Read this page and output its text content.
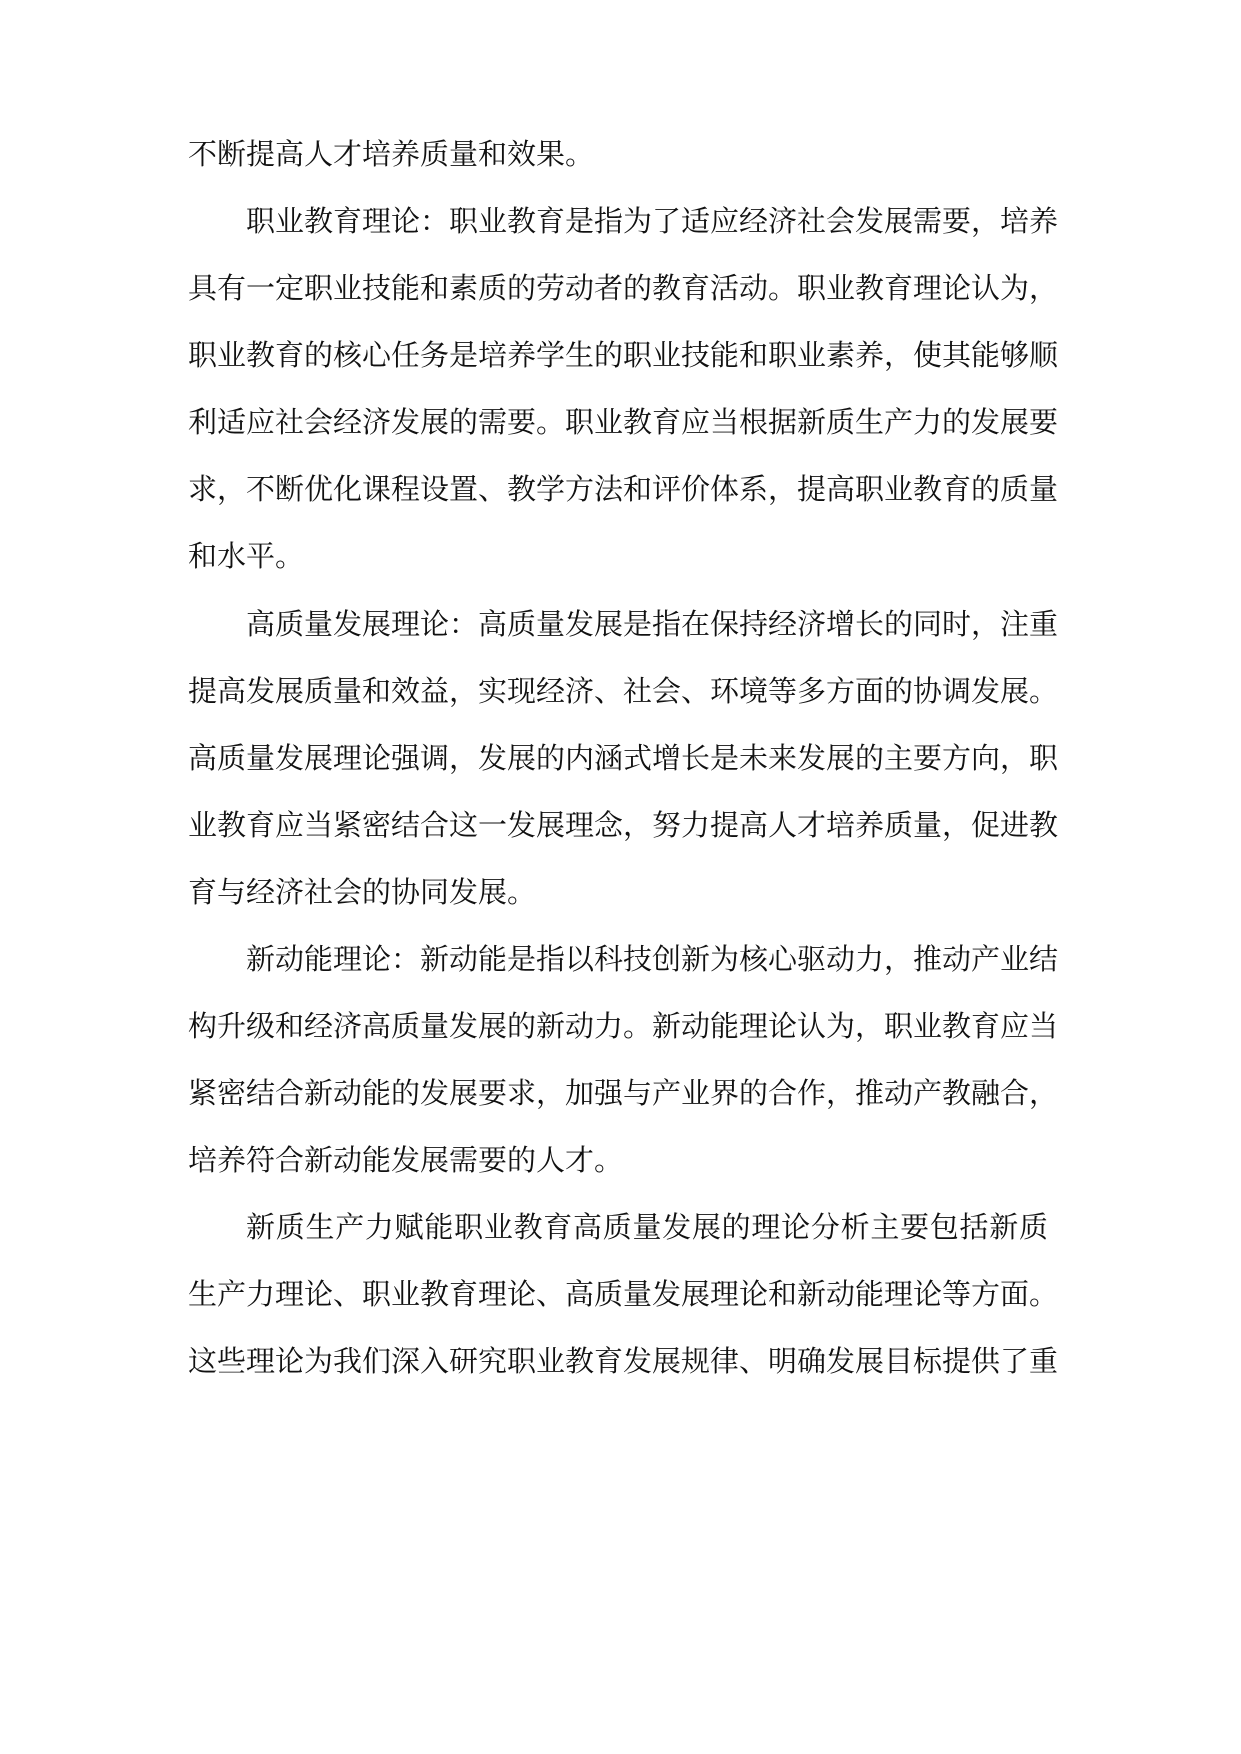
不断提高人才培养质量和效果。
职业教育理论：职业教育是指为了适应经济社会发展需要，培养
具有一定职业技能和素质的劳动者的教育活动。职业教育理论认为，
职业教育的核心任务是培养学生的职业技能和职业素养，使其能够顺
利适应社会经济发展的需要。职业教育应当根据新质生产力的发展要
求，不断优化课程设置、教学方法和评价体系，提高职业教育的质量
和水平。
高质量发展理论：高质量发展是指在保持经济增长的同时，注重
提高发展质量和效益，实现经济、社会、环境等多方面的协调发展。
高质量发展理论强调，发展的内涵式增长是未来发展的主要方向，职
业教育应当紧密结合这一发展理念，努力提高人才培养质量，促进教
育与经济社会的协同发展。
新动能理论：新动能是指以科技创新为核心驱动力，推动产业结
构升级和经济高质量发展的新动力。新动能理论认为，职业教育应当
紧密结合新动能的发展要求，加强与产业界的合作，推动产教融合，
培养符合新动能发展需要的人才。
新质生产力赋能职业教育高质量发展的理论分析主要包括新质
生产力理论、职业教育理论、高质量发展理论和新动能理论等方面。
这些理论为我们深入研究职业教育发展规律、明确发展目标提供了重
